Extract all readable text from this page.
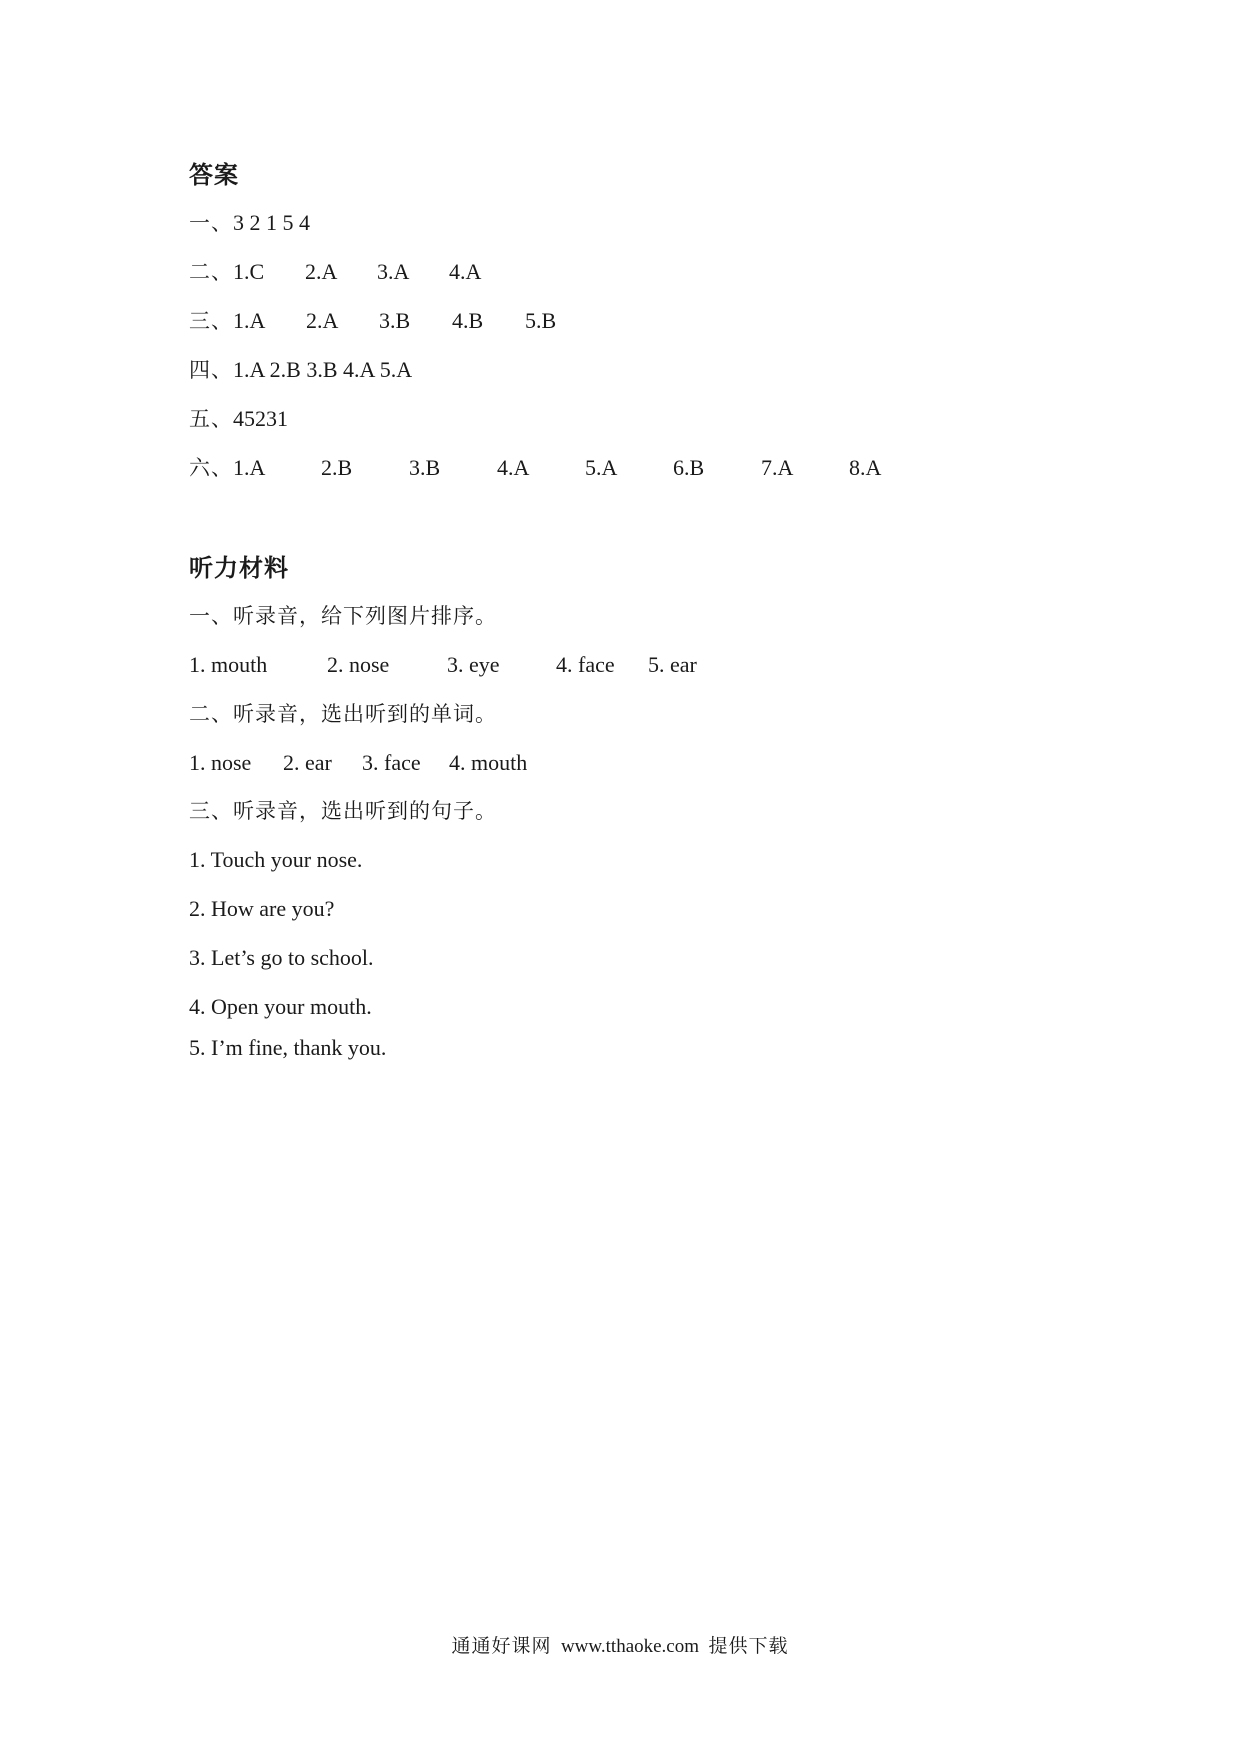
答案
一、3 2 1 5 4
二、1.C 2.A 3.A 4.A
三、1.A 2.A 3.B 4.B 5.B
四、1.A 2.B 3.B 4.A 5.A
五、45231
六、1.A	2.B	3.B	4.A	5.A	6.B	7.A	8.A
听力材料
一、听录音，给下列图片排序。
1. mouth	2. nose	3. eye	4. face 5. ear
二、听录音，选出听到的单词。
1. nose 2. ear 3. face 4. mouth
三、听录音，选出听到的句子。
1. Touch your nose.
2. How are you?
3. Let’s go to school.
4. Open your mouth.
5. I’m fine, thank you.
通通好课网 www.tthaoke.com 提供下载
